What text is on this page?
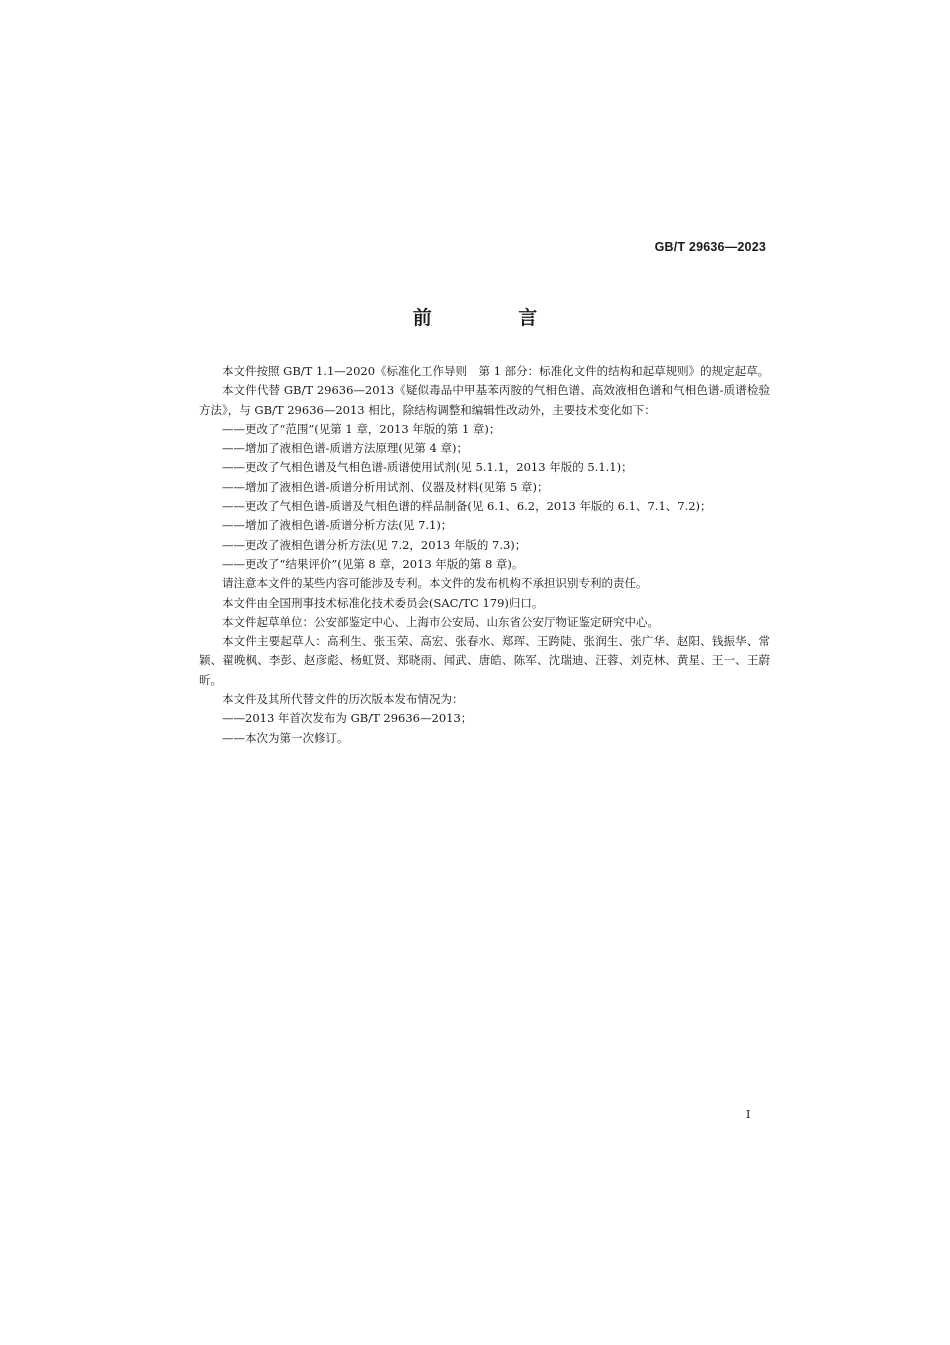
GB/T 29636—2023
前 言

本文件按照 GB/T 1.1—2020《标准化工作导则　第 1 部分：标准化文件的结构和起草规则》的规定起草。

本文件代替 GB/T 29636—2013《疑似毒品中甲基苯丙胺的气相色谱、高效液相色谱和气相色谱-质谱检验方法》，与 GB/T 29636—2013 相比，除结构调整和编辑性改动外，主要技术变化如下：

——更改了“范围”(见第 1 章，2013 年版的第 1 章)；
——增加了液相色谱-质谱方法原理(见第 4 章)；
——更改了气相色谱及气相色谱-质谱使用试剂(见 5.1.1，2013 年版的 5.1.1)；
——增加了液相色谱-质谱分析用试剂、仪器及材料(见第 5 章)；
——更改了气相色谱-质谱及气相色谱的样品制备(见 6.1、6.2，2013 年版的 6.1、7.1、7.2)；
——增加了液相色谱-质谱分析方法(见 7.1)；
——更改了液相色谱分析方法(见 7.2，2013 年版的 7.3)；
——更改了“结果评价”(见第 8 章，2013 年版的第 8 章)。

请注意本文件的某些内容可能涉及专利。本文件的发布机构不承担识别专利的责任。

本文件由全国刑事技术标准化技术委员会(SAC/TC 179)归口。

本文件起草单位：公安部鉴定中心、上海市公安局、山东省公安厅物证鉴定研究中心。

本文件主要起草人：高利生、张玉荣、高宏、张春水、郑珲、王跨陡、张润生、张广华、赵阳、钱振华、常颖、翟晚枫、李彭、赵彦彪、杨虹贤、郑晓雨、闻武、唐皓、陈军、沈瑞迪、汪蓉、刘克林、黄星、王一、王蔚昕。

本文件及其所代替文件的历次版本发布情况为：

——2013 年首次发布为 GB/T 29636—2013；
——本次为第一次修订。
I
